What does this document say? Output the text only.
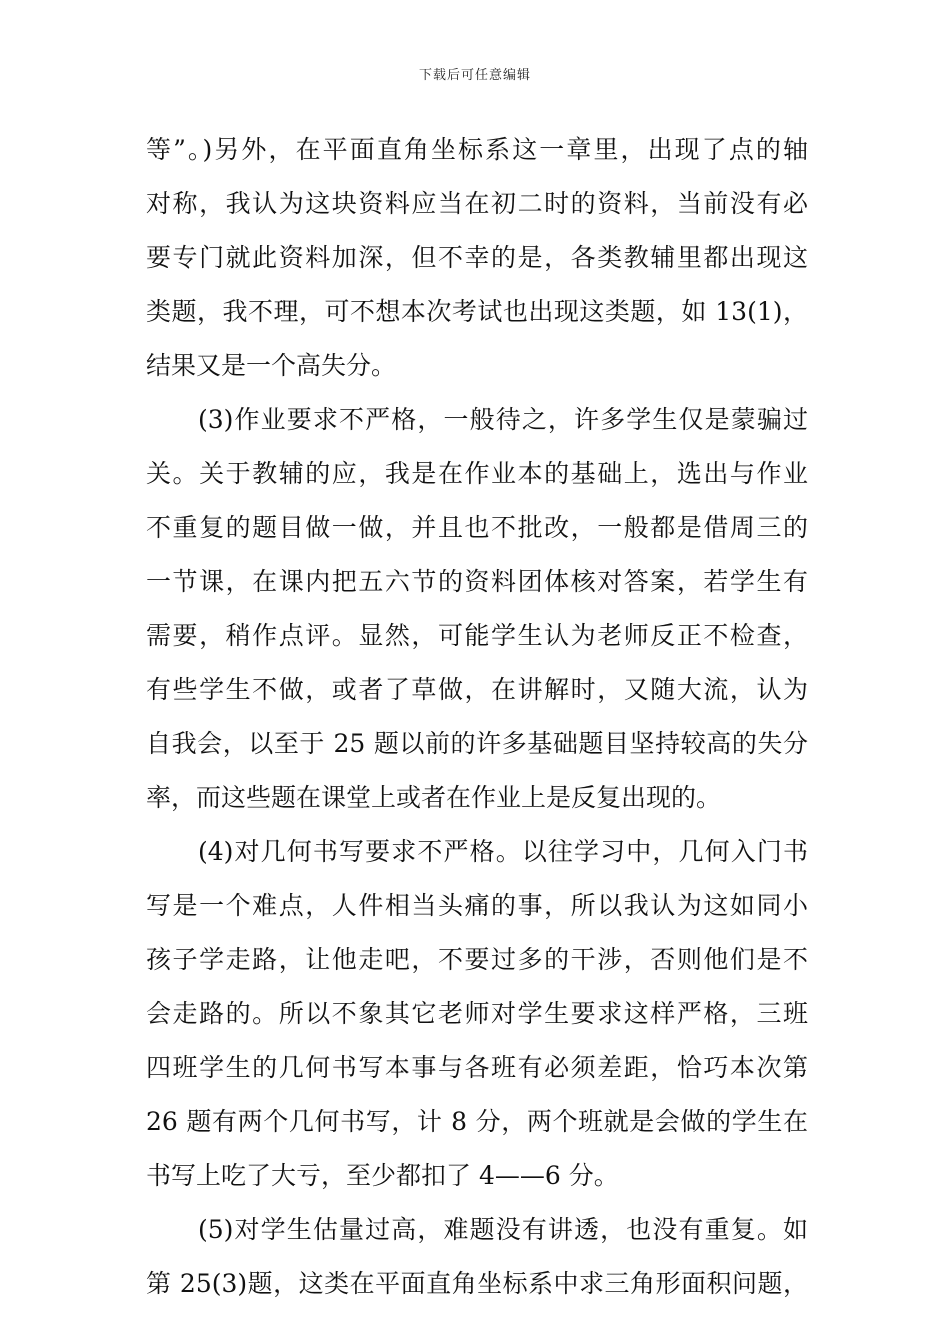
下载后可任意编辑
等”。)另外，在平面直角坐标系这一章里，出现了点的轴
对称，我认为这块资料应当在初二时的资料，当前没有必
要专门就此资料加深，但不幸的是，各类教辅里都出现这
类题，我不理，可不想本次考试也出现这类题，如 13(1)，
结果又是一个高失分。
(3)作业要求不严格，一般待之，许多学生仅是蒙骗过
关。关于教辅的应，我是在作业本的基础上，选出与作业
不重复的题目做一做，并且也不批改，一般都是借周三的
一节课，在课内把五六节的资料团体核对答案，若学生有
需要，稍作点评。显然，可能学生认为老师反正不检查，
有些学生不做，或者了草做，在讲解时，又随大流，认为
自我会，以至于 25 题以前的许多基础题目坚持较高的失分
率，而这些题在课堂上或者在作业上是反复出现的。
(4)对几何书写要求不严格。以往学习中，几何入门书
写是一个难点，人件相当头痛的事，所以我认为这如同小
孩子学走路，让他走吧，不要过多的干涉，否则他们是不
会走路的。所以不象其它老师对学生要求这样严格，三班
四班学生的几何书写本事与各班有必须差距，恰巧本次第
26 题有两个几何书写，计 8 分，两个班就是会做的学生在
书写上吃了大亏，至少都扣了 4——6 分。
(5)对学生估量过高，难题没有讲透，也没有重复。如
第 25(3)题，这类在平面直角坐标系中求三角形面积问题，
